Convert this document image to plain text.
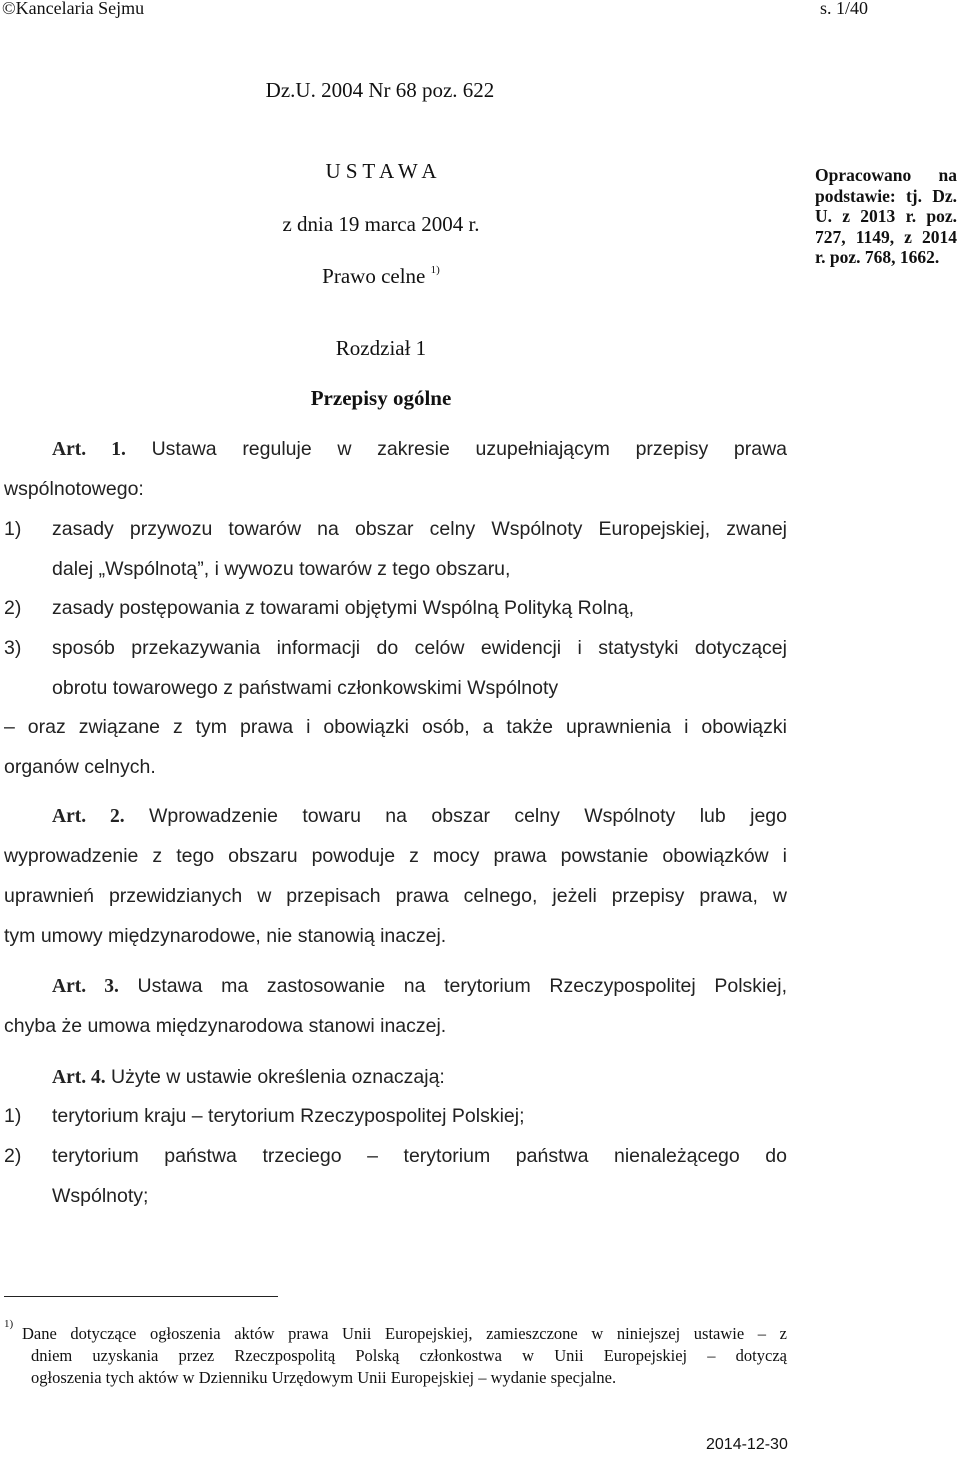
©Kancelaria Sejmu	s. 1/40
Dz.U. 2004 Nr 68 poz. 622
U S T A W A
z dnia 19 marca 2004 r.
Prawo celne $^{1)}$
Opracowano na
podstawie: tj. Dz.
U. z 2013 r. poz.
727, 1149, z 2014
r. poz. 768, 1662.
Rozdział 1
Przepisy ogólne
Art. 1. Ustawa reguluje w zakresie uzupełniającym przepisy prawa
wspólnotowego:
1)	zasady przywozu towarów na obszar celny Wspólnoty Europejskiej, zwanej
dalej „Wspólnotą”, i wywozu towarów z tego obszaru,
2)	zasady postępowania z towarami objętymi Wspólną Polityką Rolną,
3)	sposób przekazywania informacji do celów ewidencji i statystyki dotyczącej
obrotu towarowego z państwami członkowskimi Wspólnoty
– oraz związane z tym prawa i obowiązki osób, a także uprawnienia i obowiązki
organów celnych.
Art. 2. Wprowadzenie towaru na obszar celny Wspólnoty lub jego
wyprowadzenie z tego obszaru powoduje z mocy prawa powstanie obowiązków i
uprawnień przewidzianych w przepisach prawa celnego, jeżeli przepisy prawa, w
tym umowy międzynarodowe, nie stanowią inaczej.
Art. 3. Ustawa ma zastosowanie na terytorium Rzeczypospolitej Polskiej,
chyba że umowa międzynarodowa stanowi inaczej.
Art. 4. Użyte w ustawie określenia oznaczają:
1)	terytorium kraju – terytorium Rzeczypospolitej Polskiej;
2)	terytorium państwa trzeciego – terytorium państwa nienależącego do
Wspólnoty;
$^{1)}$ Dane dotyczące ogłoszenia aktów prawa Unii Europejskiej, zamieszczone w niniejszej ustawie – z
dniem uzyskania przez Rzeczpospolitą Polską członkostwa w Unii Europejskiej – dotyczą
ogłoszenia tych aktów w Dzienniku Urzędowym Unii Europejskiej – wydanie specjalne.
2014-12-30
